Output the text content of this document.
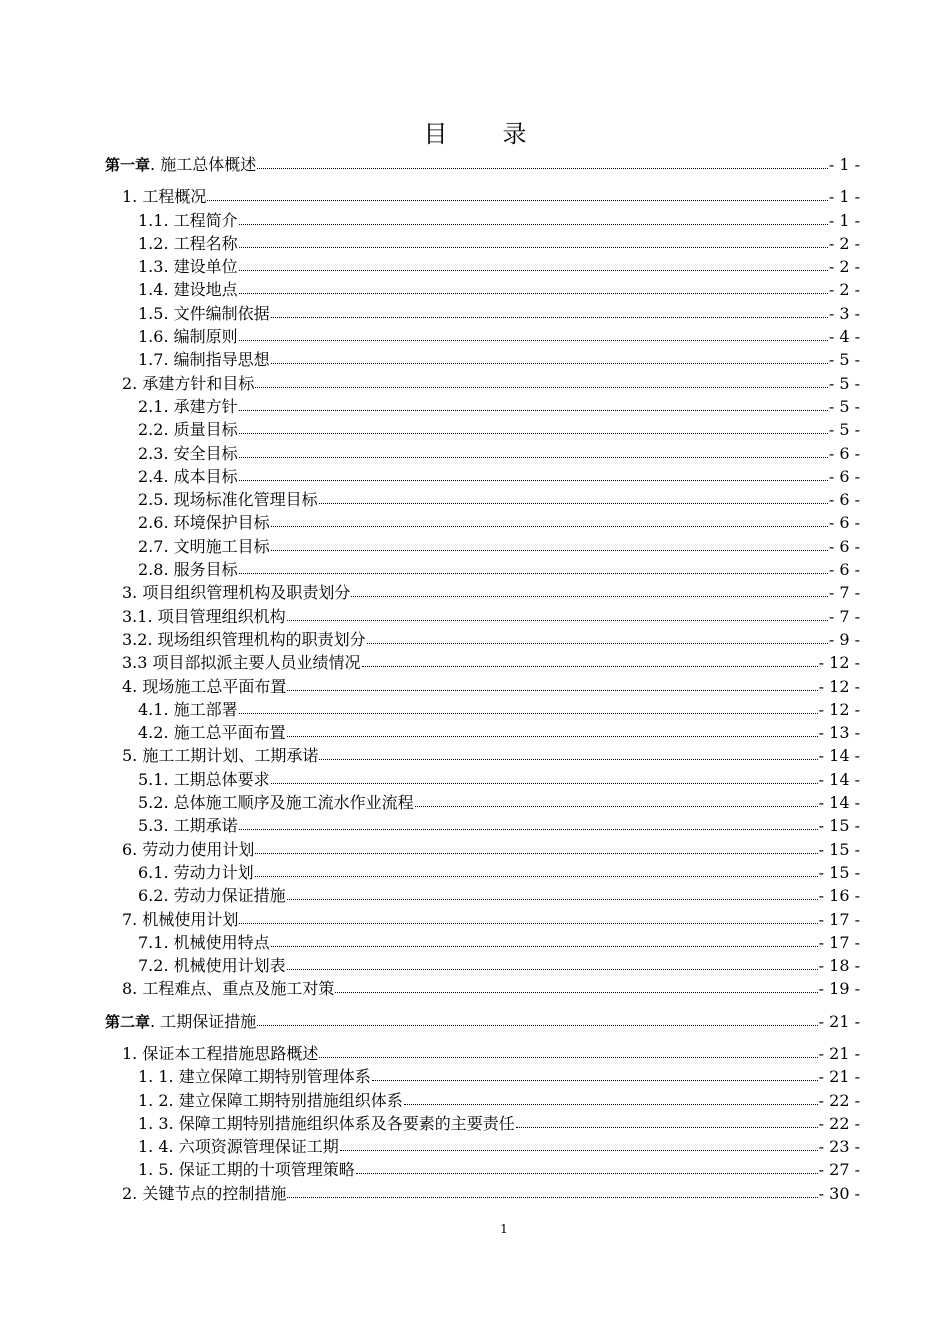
目 录
第一章. 施工总体概述	- 1 -
1. 工程概况	- 1 -
1.1. 工程简介	- 1 -
1.2. 工程名称	- 2 -
1.3. 建设单位	- 2 -
1.4. 建设地点	- 2 -
1.5. 文件编制依据	- 3 -
1.6. 编制原则	- 4 -
1.7. 编制指导思想	- 5 -
2. 承建方针和目标	- 5 -
2.1. 承建方针	- 5 -
2.2. 质量目标	- 5 -
2.3. 安全目标	- 6 -
2.4. 成本目标	- 6 -
2.5. 现场标准化管理目标	- 6 -
2.6. 环境保护目标	- 6 -
2.7. 文明施工目标	- 6 -
2.8. 服务目标	- 6 -
3. 项目组织管理机构及职责划分	- 7 -
3.1. 项目管理组织机构	- 7 -
3.2. 现场组织管理机构的职责划分	- 9 -
3.3 项目部拟派主要人员业绩情况	- 12 -
4. 现场施工总平面布置	- 12 -
4.1. 施工部署	- 12 -
4.2. 施工总平面布置	- 13 -
5. 施工工期计划、工期承诺	- 14 -
5.1. 工期总体要求	- 14 -
5.2. 总体施工顺序及施工流水作业流程	- 14 -
5.3. 工期承诺	- 15 -
6. 劳动力使用计划	- 15 -
6.1. 劳动力计划	- 15 -
6.2. 劳动力保证措施	- 16 -
7. 机械使用计划	- 17 -
7.1. 机械使用特点	- 17 -
7.2. 机械使用计划表	- 18 -
8. 工程难点、重点及施工对策	- 19 -
第二章. 工期保证措施	- 21 -
1. 保证本工程措施思路概述	- 21 -
1. 1. 建立保障工期特别管理体系	- 21 -
1. 2. 建立保障工期特别措施组织体系	- 22 -
1. 3. 保障工期特别措施组织体系及各要素的主要责任	- 22 -
1. 4. 六项资源管理保证工期	- 23 -
1. 5. 保证工期的十项管理策略	- 27 -
2. 关键节点的控制措施	- 30 -
1
